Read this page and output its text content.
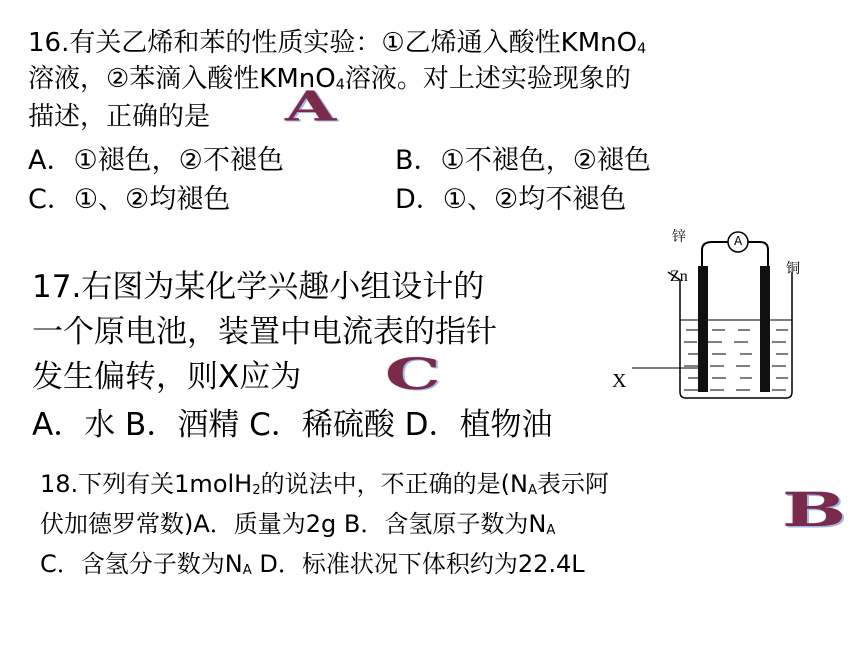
16.有关乙烯和苯的性质实验：①乙烯通入酸性KMnO$_4$
溶液，②苯滴入酸性KMnO$_4$溶液。对上述实验现象的
描述，正确的是 A
A．①褪色，②不褪色	B．①不褪色，②褪色
C．①、②均褪色	D．①、②均不褪色
17.右图为某化学兴趣小组设计的
一个原电池，装置中电流表的指针
发生偏转，则X应为 C
A．水 B．酒精 C．稀硫酸 D．植物油
锌
铜
Zn
A
X
18.下列有关1molH$_2$的说法中，不正确的是($N_A$表示阿
伏加德罗常数)A．质量为2g B．含氢原子数为$N_A$
C．含氢分子数为$N_A$ D．标准状况下体积约为22.4L
B
